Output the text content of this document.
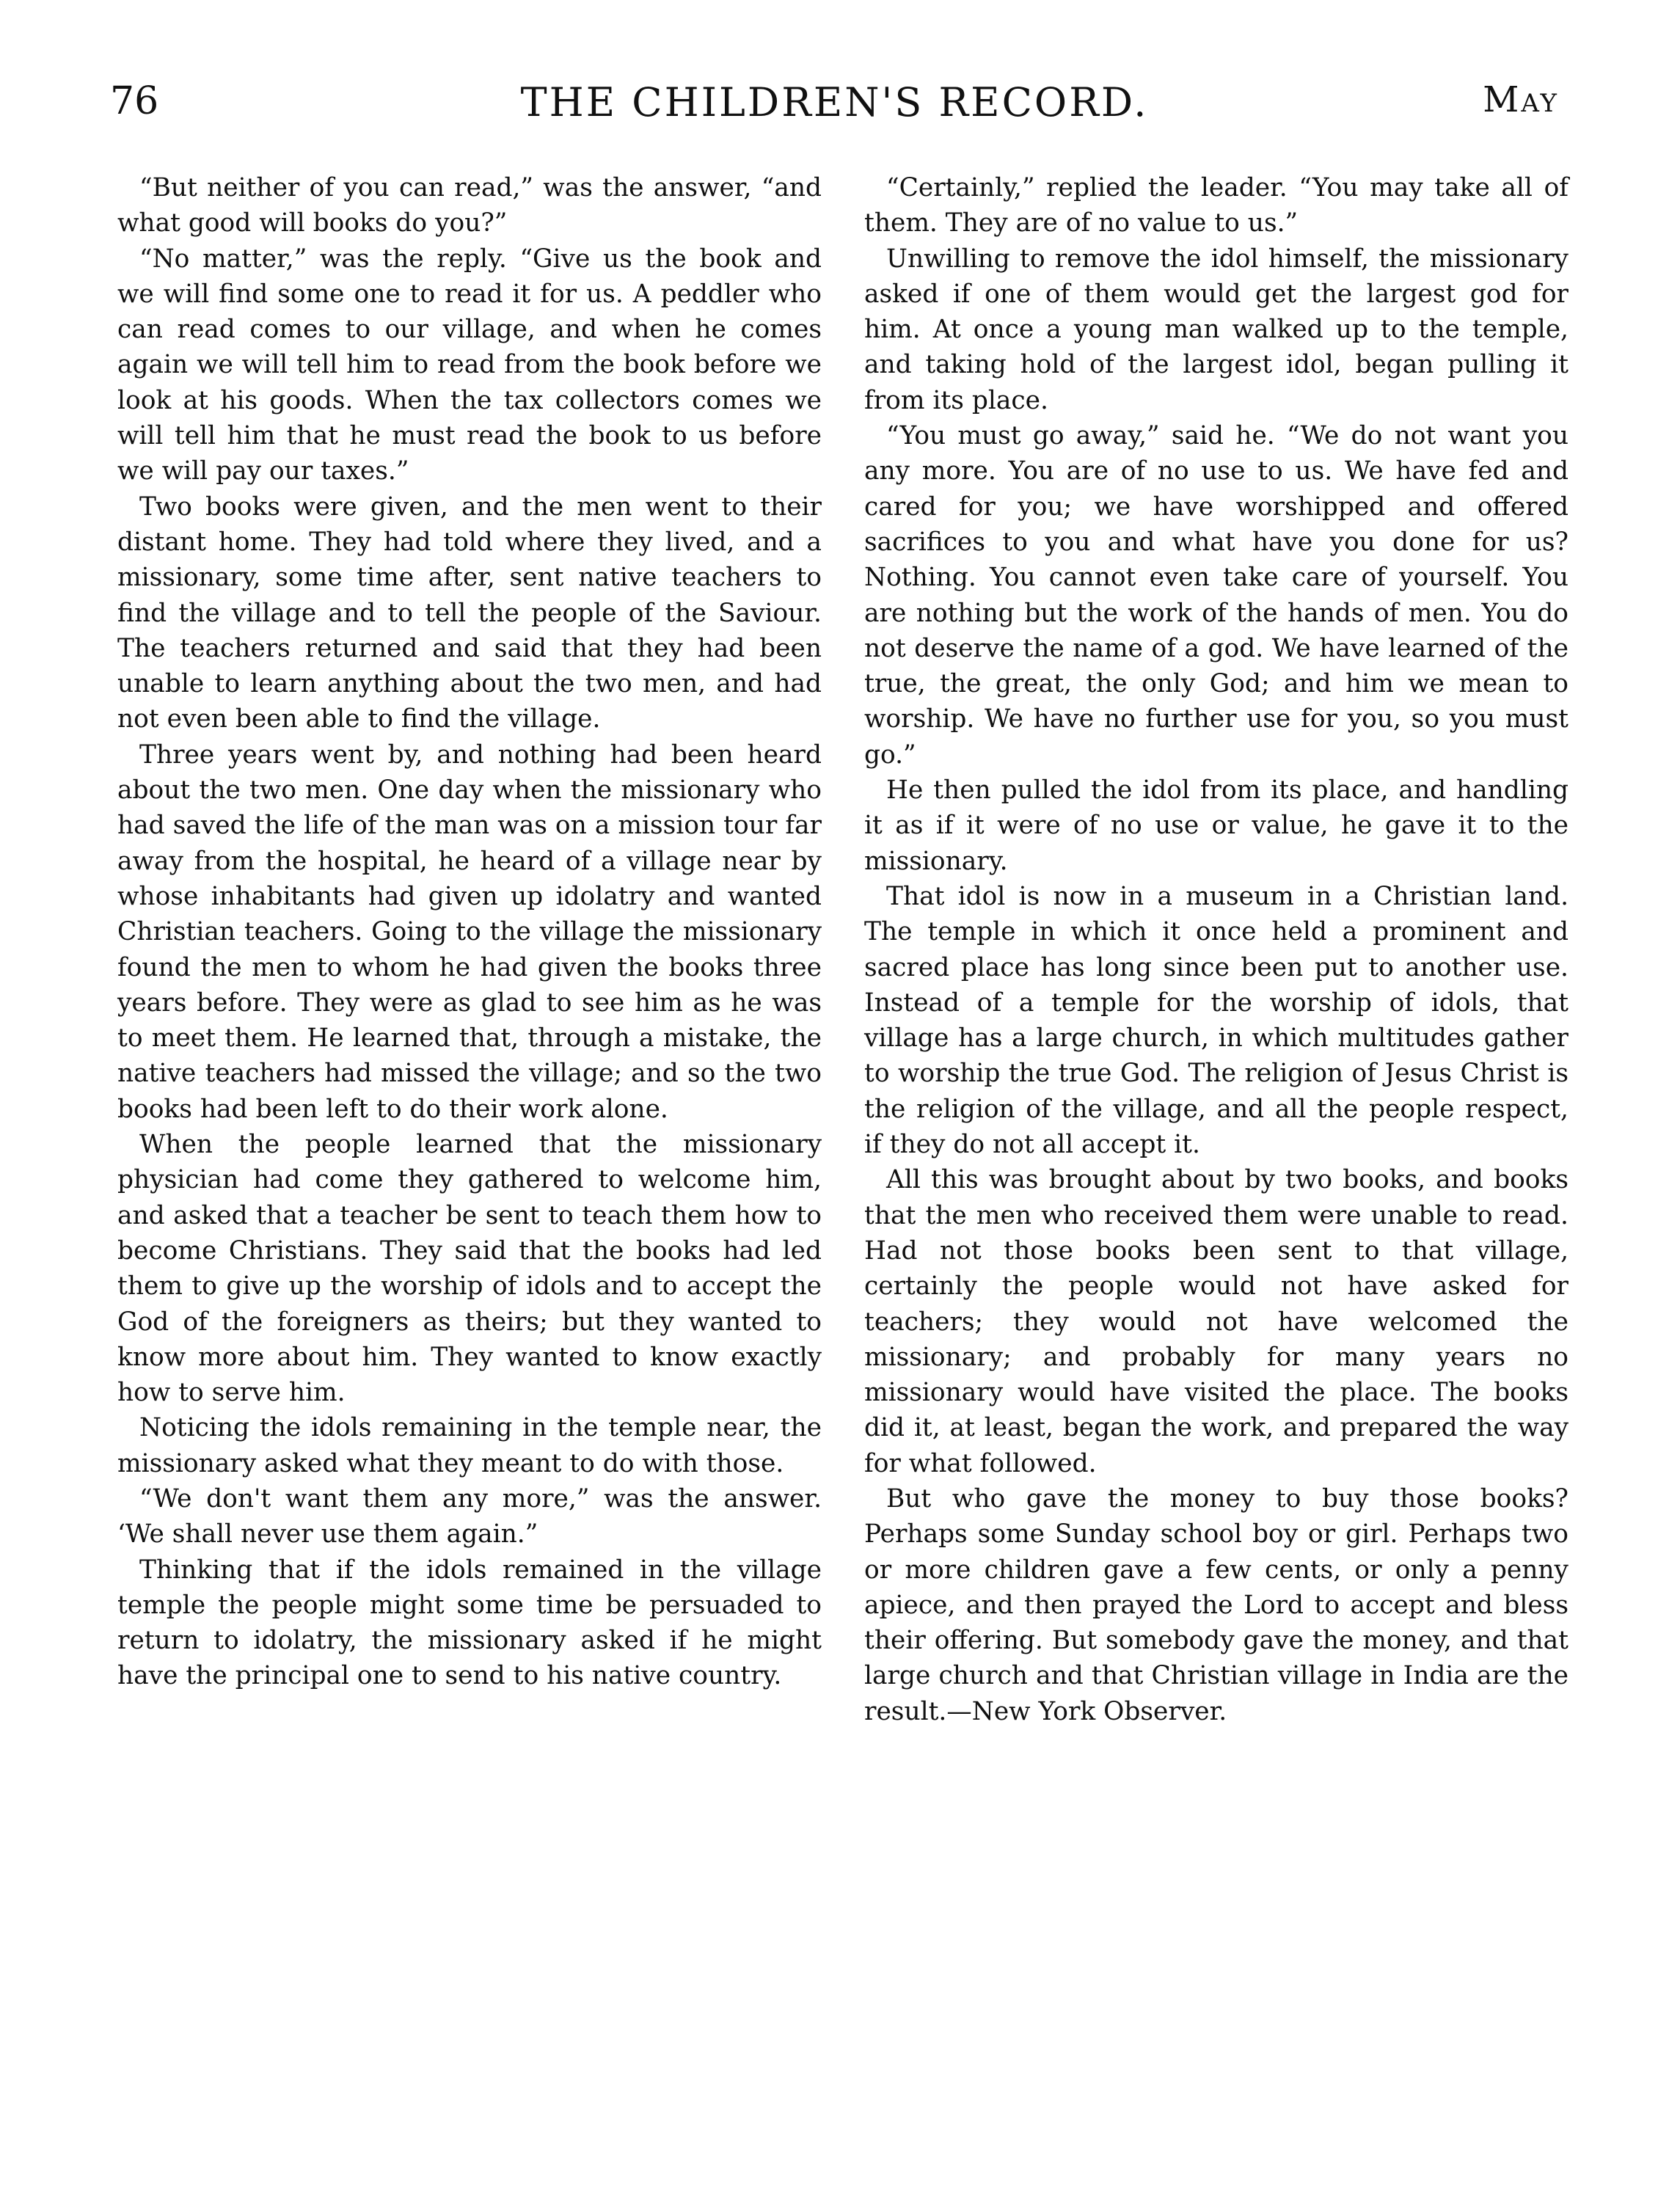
76	THE CHILDREN'S RECORD.	May

“But neither of you can read,” was the answer, “and what good will books do you?”

“No matter,” was the reply. “Give us the book and we will find some one to read it for us. A peddler who can read comes to our village, and when he comes again we will tell him to read from the book before we look at his goods. When the tax collectors comes we will tell him that he must read the book to us before we will pay our taxes.”

Two books were given, and the men went to their distant home. They had told where they lived, and a missionary, some time after, sent native teachers to find the village and to tell the people of the Saviour. The teachers returned and said that they had been unable to learn anything about the two men, and had not even been able to find the village.

Three years went by, and nothing had been heard about the two men. One day when the missionary who had saved the life of the man was on a mission tour far away from the hospital, he heard of a village near by whose inhabitants had given up idolatry and wanted Christian teachers. Going to the village the missionary found the men to whom he had given the books three years before. They were as glad to see him as he was to meet them. He learned that, through a mistake, the native teachers had missed the village; and so the two books had been left to do their work alone.

When the people learned that the missionary physician had come they gathered to welcome him, and asked that a teacher be sent to teach them how to become Christians. They said that the books had led them to give up the worship of idols and to accept the God of the foreigners as theirs; but they wanted to know more about him. They wanted to know exactly how to serve him.

Noticing the idols remaining in the temple near, the missionary asked what they meant to do with those.

“We don't want them any more,” was the answer. ‘We shall never use them again.”

Thinking that if the idols remained in the village temple the people might some time be persuaded to return to idolatry, the missionary asked if he might have the principal one to send to his native country.

“Certainly,” replied the leader. “You may take all of them. They are of no value to us.”

Unwilling to remove the idol himself, the missionary asked if one of them would get the largest god for him. At once a young man walked up to the temple, and taking hold of the largest idol, began pulling it from its place.

“You must go away,” said he. “We do not want you any more. You are of no use to us. We have fed and cared for you; we have worshipped and offered sacrifices to you and what have you done for us? Nothing. You cannot even take care of yourself. You are nothing but the work of the hands of men. You do not deserve the name of a god. We have learned of the true, the great, the only God; and him we mean to worship. We have no further use for you, so you must go.”

He then pulled the idol from its place, and handling it as if it were of no use or value, he gave it to the missionary.

That idol is now in a museum in a Christian land. The temple in which it once held a prominent and sacred place has long since been put to another use. Instead of a temple for the worship of idols, that village has a large church, in which multitudes gather to worship the true God. The religion of Jesus Christ is the religion of the village, and all the people respect, if they do not all accept it.

All this was brought about by two books, and books that the men who received them were unable to read. Had not those books been sent to that village, certainly the people would not have asked for teachers; they would not have welcomed the missionary; and probably for many years no missionary would have visited the place. The books did it, at least, began the work, and prepared the way for what followed.

But who gave the money to buy those books? Perhaps some Sunday school boy or girl. Perhaps two or more children gave a few cents, or only a penny apiece, and then prayed the Lord to accept and bless their offering. But somebody gave the money, and that large church and that Christian village in India are the result.—New York Observer.
